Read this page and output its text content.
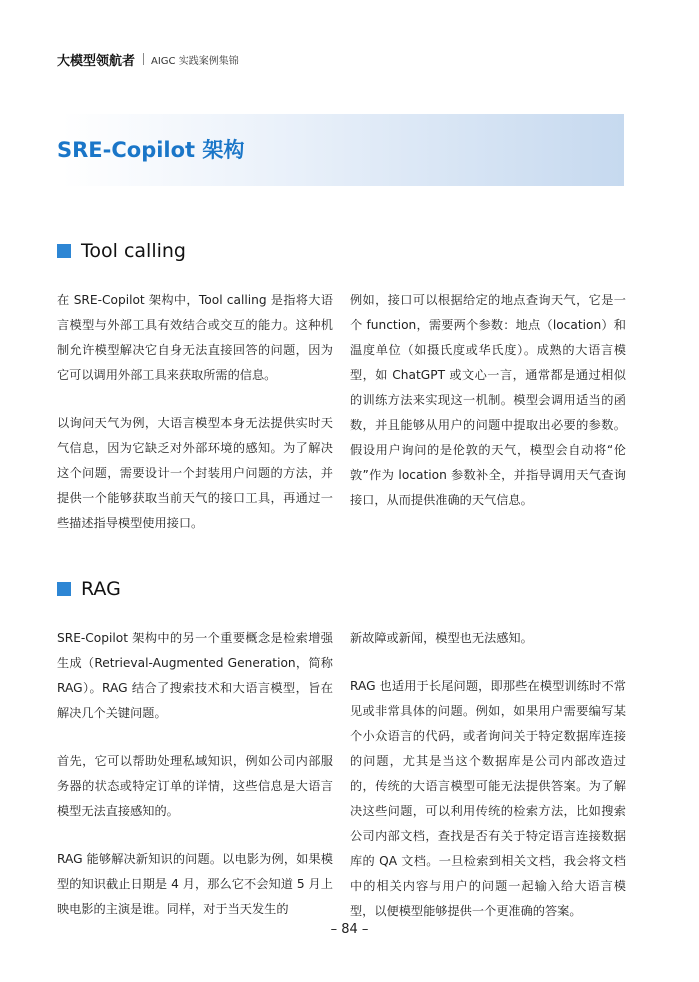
大模型领航者 AIGC 实践案例集锦
SRE-Copilot 架构
Tool calling

在 SRE-Copilot 架构中，Tool calling 是指将大语言模型与外部工具有效结合或交互的能力。这种机制允许模型解决它自身无法直接回答的问题，因为它可以调用外部工具来获取所需的信息。

以询问天气为例，大语言模型本身无法提供实时天气信息，因为它缺乏对外部环境的感知。为了解决这个问题，需要设计一个封装用户问题的方法，并提供一个能够获取当前天气的接口工具，再通过一些描述指导模型使用接口。

例如，接口可以根据给定的地点查询天气，它是一个 function，需要两个参数：地点（location）和温度单位（如摄氏度或华氏度）。成熟的大语言模型，如 ChatGPT 或文心一言，通常都是通过相似的训练方法来实现这一机制。模型会调用适当的函数，并且能够从用户的问题中提取出必要的参数。假设用户询问的是伦敦的天气，模型会自动将“伦敦”作为 location 参数补全，并指导调用天气查询接口，从而提供准确的天气信息。

RAG

SRE-Copilot 架构中的另一个重要概念是检索增强生成（Retrieval-Augmented Generation，简称 RAG）。RAG 结合了搜索技术和大语言模型，旨在解决几个关键问题。

首先，它可以帮助处理私域知识，例如公司内部服务器的状态或特定订单的详情，这些信息是大语言模型无法直接感知的。

RAG 能够解决新知识的问题。以电影为例，如果模型的知识截止日期是 4 月，那么它不会知道 5 月上映电影的主演是谁。同样，对于当天发生的

新故障或新闻，模型也无法感知。

RAG 也适用于长尾问题，即那些在模型训练时不常见或非常具体的问题。例如，如果用户需要编写某个小众语言的代码，或者询问关于特定数据库连接的问题，尤其是当这个数据库是公司内部改造过的，传统的大语言模型可能无法提供答案。为了解决这些问题，可以利用传统的检索方法，比如搜索公司内部文档，查找是否有关于特定语言连接数据库的 QA 文档。一旦检索到相关文档，我会将文档中的相关内容与用户的问题一起输入给大语言模型，以便模型能够提供一个更准确的答案。

– 84 –
